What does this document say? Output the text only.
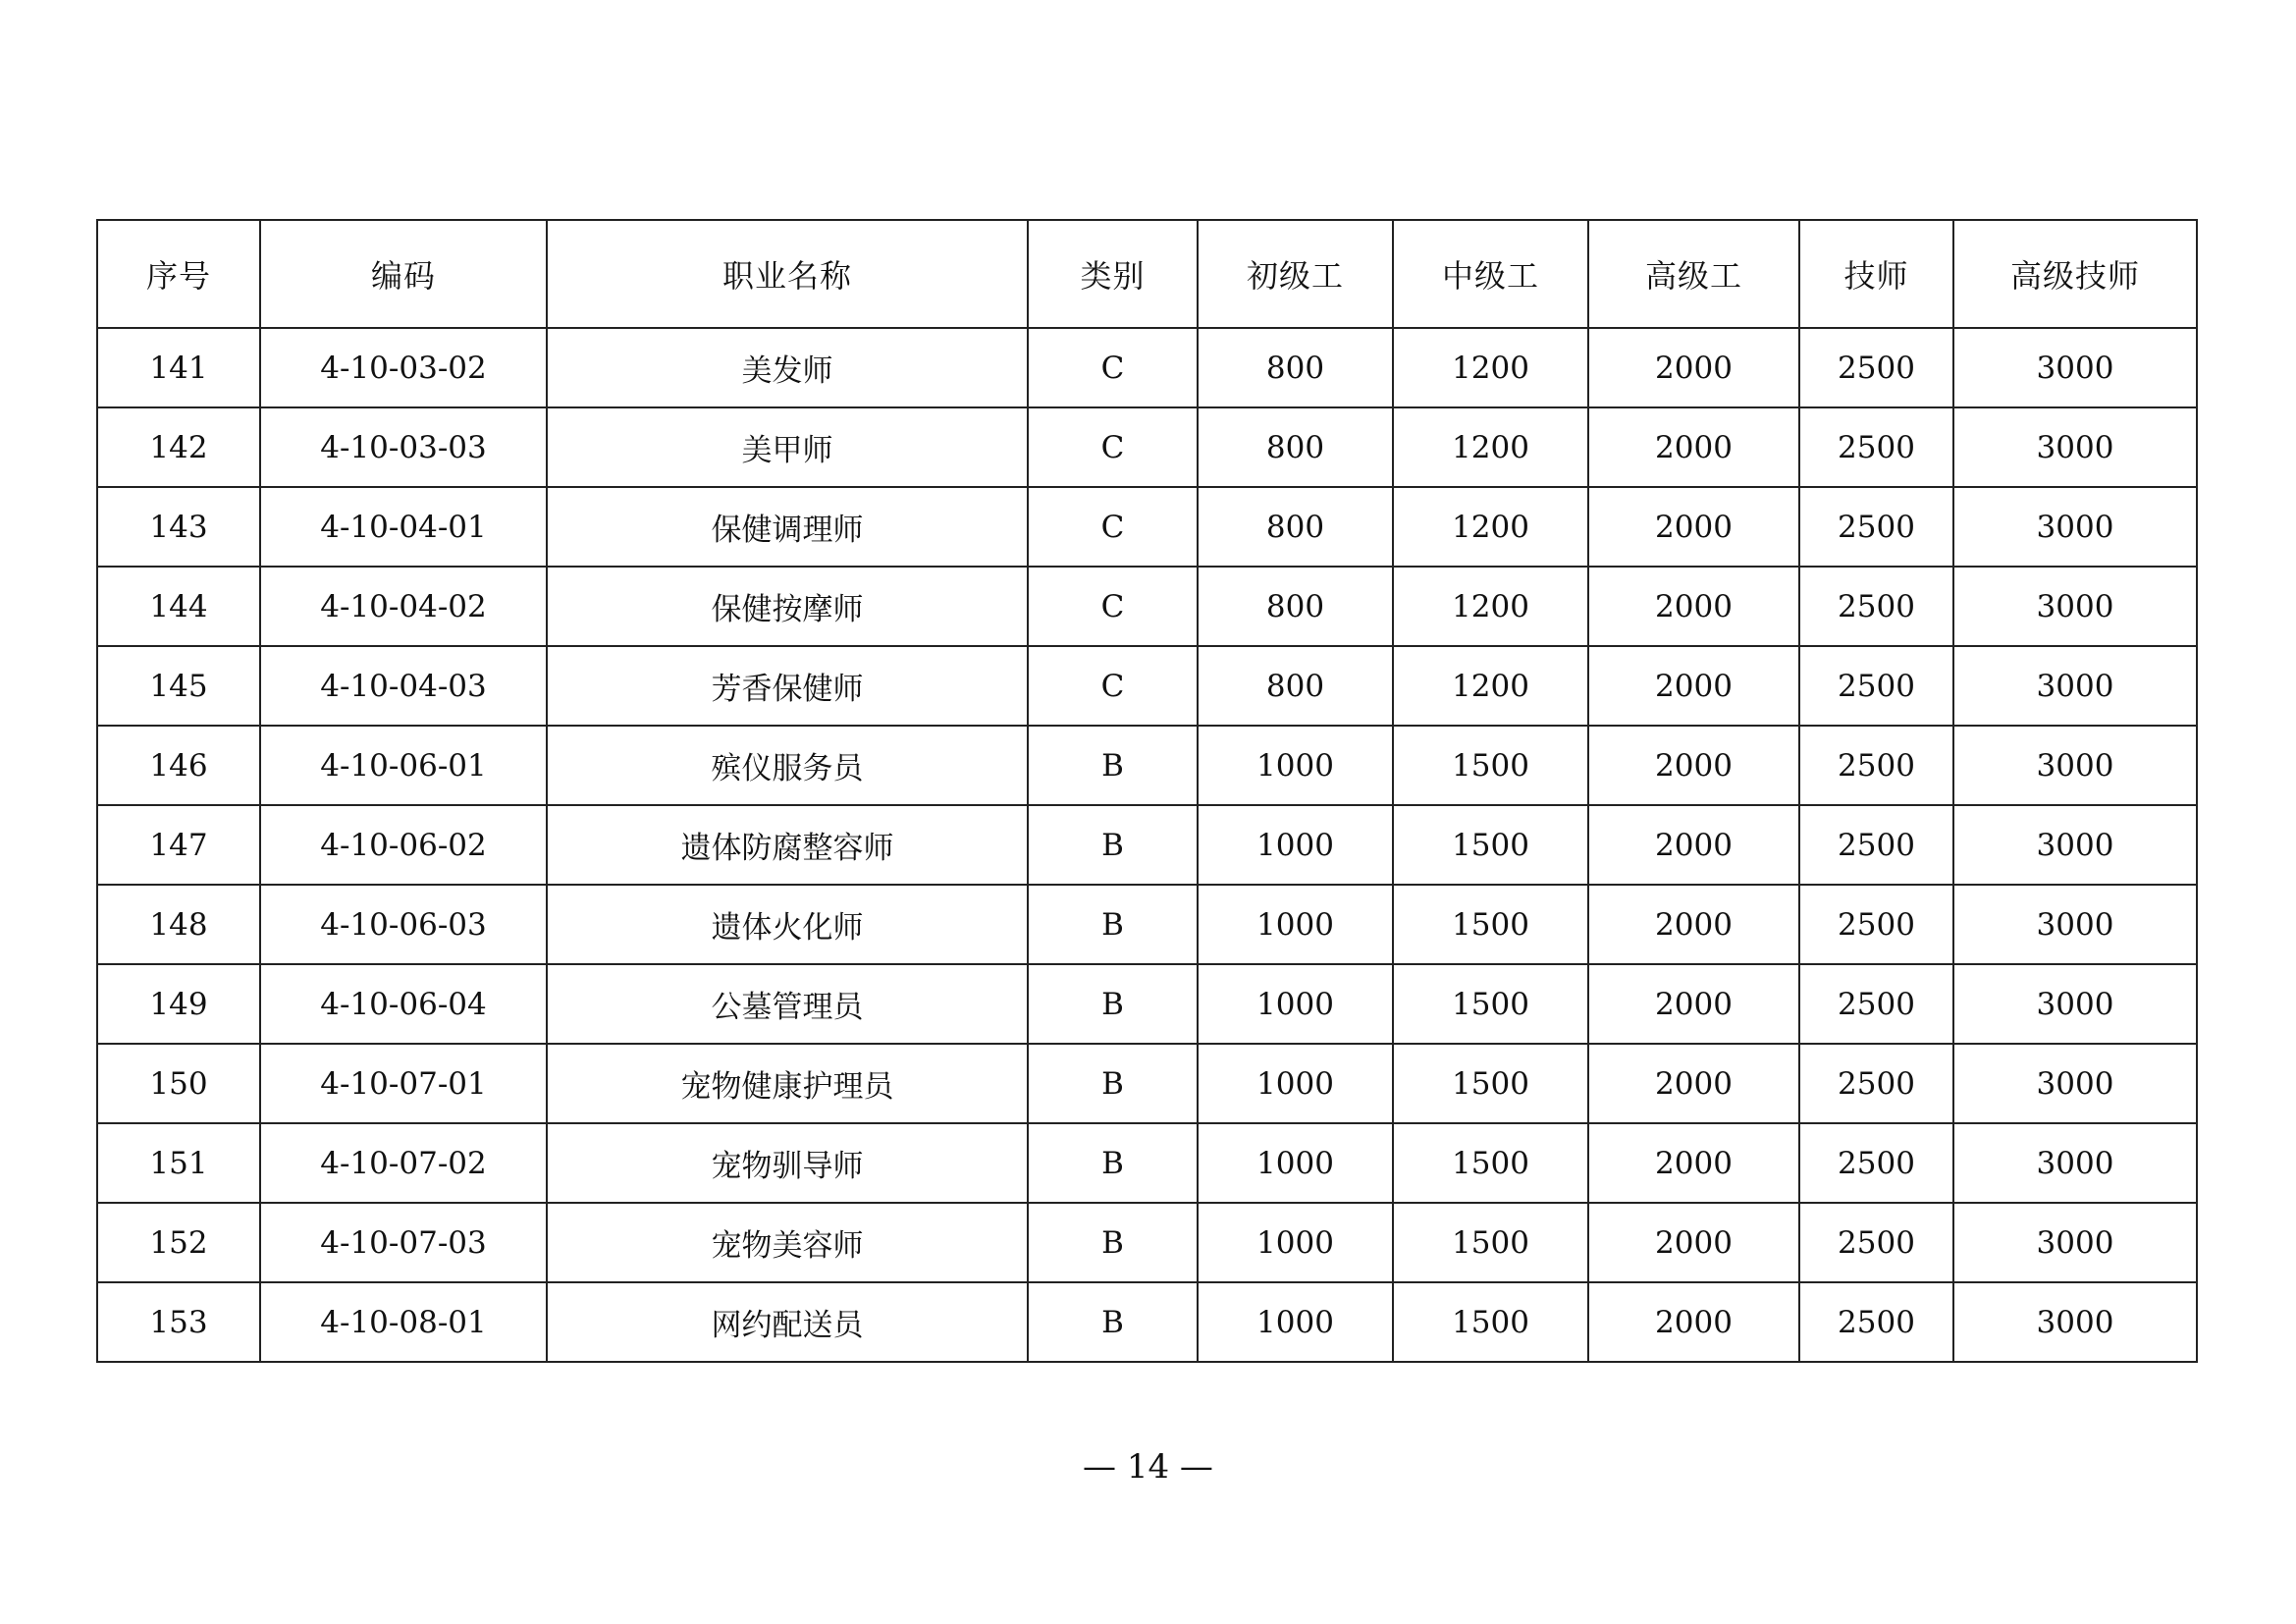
序号	编码	职业名称	类别	初级工	中级工	高级工	技师	高级技师
141	4-10-03-02	美发师	C	800	1200	2000	2500	3000
142	4-10-03-03	美甲师	C	800	1200	2000	2500	3000
143	4-10-04-01	保健调理师	C	800	1200	2000	2500	3000
144	4-10-04-02	保健按摩师	C	800	1200	2000	2500	3000
145	4-10-04-03	芳香保健师	C	800	1200	2000	2500	3000
146	4-10-06-01	殡仪服务员	B	1000	1500	2000	2500	3000
147	4-10-06-02	遗体防腐整容师	B	1000	1500	2000	2500	3000
148	4-10-06-03	遗体火化师	B	1000	1500	2000	2500	3000
149	4-10-06-04	公墓管理员	B	1000	1500	2000	2500	3000
150	4-10-07-01	宠物健康护理员	B	1000	1500	2000	2500	3000
151	4-10-07-02	宠物驯导师	B	1000	1500	2000	2500	3000
152	4-10-07-03	宠物美容师	B	1000	1500	2000	2500	3000
153	4-10-08-01	网约配送员	B	1000	1500	2000	2500	3000
— 14 —
